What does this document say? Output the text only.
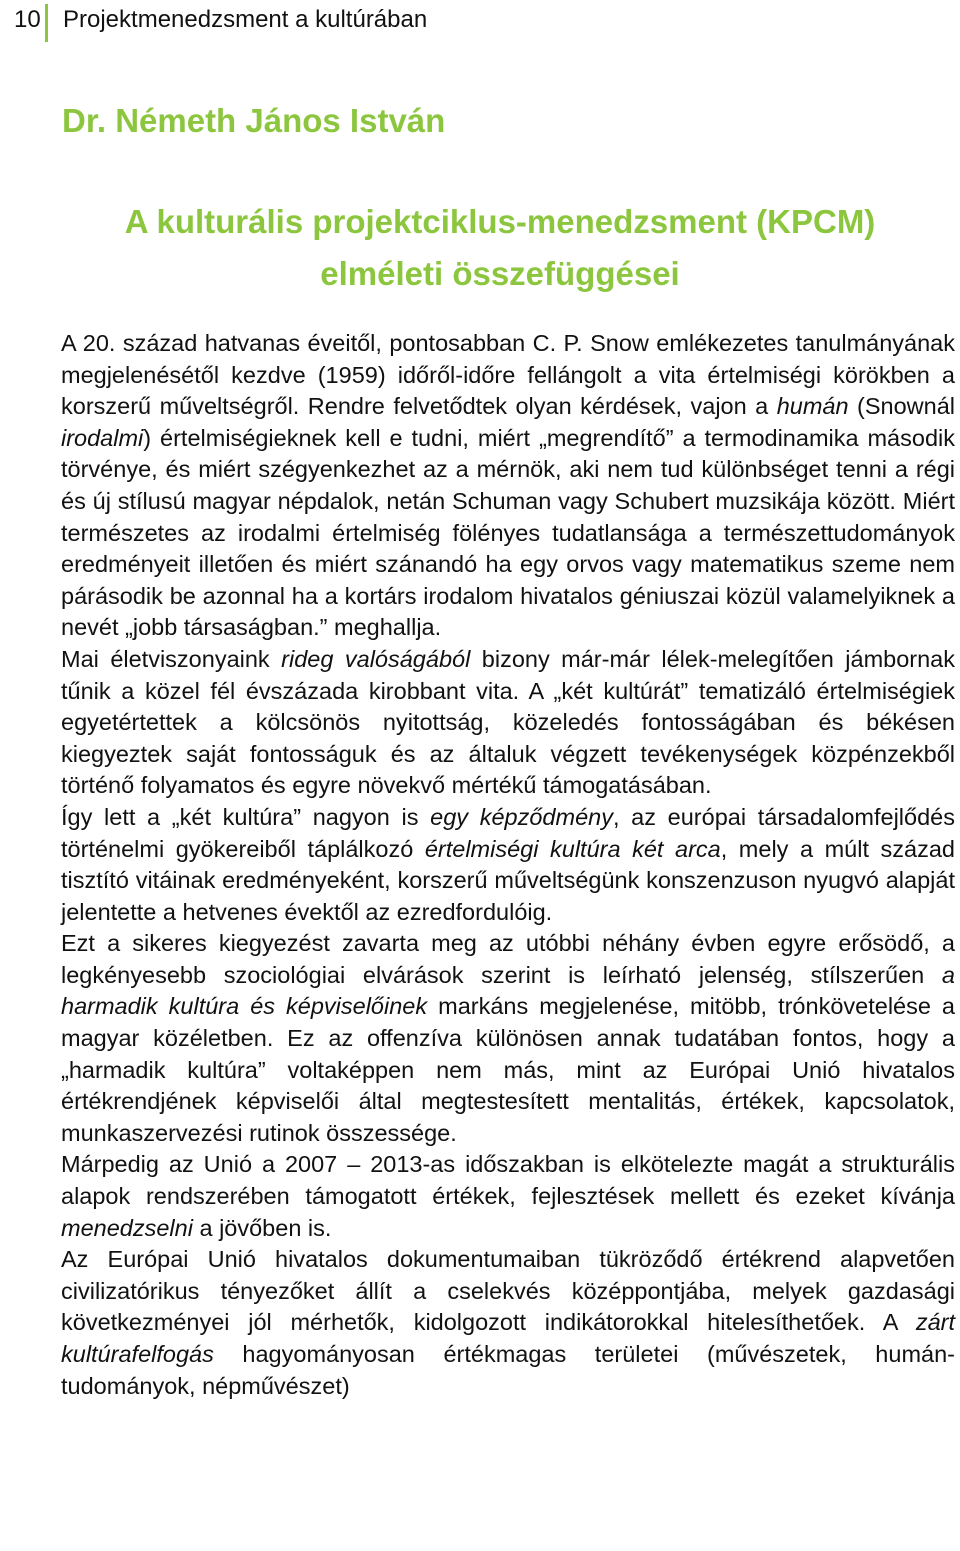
10 Projektmenedzsment a kultúrában
Dr. Németh János István
A kulturális projektciklus-menedzsment (KPCM)
elméleti összefüggései

A 20. század hatvanas éveitől, pontosabban C. P. Snow emlékezetes tanulmányának megjelenésétől kezdve (1959) időről-időre fellángolt a vita értelmiségi körökben a korszerű műveltségről. Rendre felvetődtek olyan kérdések, vajon a humán (Snownál irodalmi) értelmiségieknek kell e tudni, miért „megrendítő” a termodinamika második törvénye, és miért szégyenkezhet az a mérnök, aki nem tud különbséget tenni a régi és új stílusú magyar népdalok, netán Schuman vagy Schubert muzsikája között. Miért természetes az irodalmi értelmiség fölényes tudatlansága a természettudományok eredményeit illetően és miért szánandó ha egy orvos vagy matematikus szeme nem párásodik be azonnal ha a kortárs irodalom hivatalos géniuszai közül valamelyiknek a nevét „jobb társaságban.” meghallja.

Mai életviszonyaink rideg valóságából bizony már-már lélek-melegítően jámbornak tűnik a közel fél évszázada kirobbant vita. A „két kultúrát” tematizáló értelmiségiek egyetértettek a kölcsönös nyitottság, közeledés fontosságában és békésen kiegyeztek saját fontosságuk és az általuk végzett tevékenységek közpénzekből történő folyamatos és egyre növekvő mértékű támogatásában.

Így lett a „két kultúra” nagyon is egy képződmény, az európai társadalomfejlődés történelmi gyökereiből táplálkozó értelmiségi kultúra két arca, mely a múlt század tisztító vitáinak eredményeként, korszerű műveltségünk konszenzuson nyugvó alapját jelentette a hetvenes évektől az ezredfordulóig.

Ezt a sikeres kiegyezést zavarta meg az utóbbi néhány évben egyre erősödő, a legkényesebb szociológiai elvárások szerint is leírható jelenség, stílszerűen a harmadik kultúra és képviselőinek markáns megjelenése, mitöbb, trónkövetelése a magyar közéletben. Ez az offenzíva különösen annak tudatában fontos, hogy a „harmadik kultúra” voltaképpen nem más, mint az Európai Unió hivatalos értékrendjének képviselői által megtestesített mentalitás, értékek, kapcsolatok, munkaszervezési rutinok összessége.

Márpedig az Unió a 2007 – 2013-as időszakban is elkötelezte magát a strukturális alapok rendszerében támogatott értékek, fejlesztések mellett és ezeket kívánja menedzselni a jövőben is.

Az Európai Unió hivatalos dokumentumaiban tükröződő értékrend alapvetően civilizatórikus tényezőket állít a cselekvés középpontjába, melyek gazdasági következményei jól mérhetők, kidolgozott indikátorokkal hitelesíthetőek. A zárt kultúrafelfogás hagyományosan értékmagas területei (művészetek, humán-tudományok, népművészet)
